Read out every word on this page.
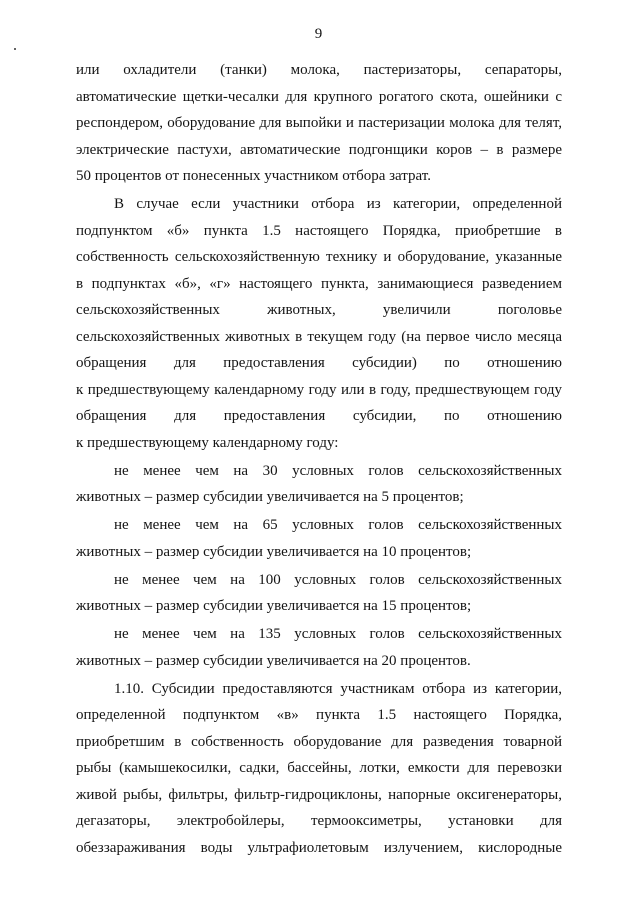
9
или охладители (танки) молока, пастеризаторы, сепараторы,
автоматические щетки-чесалки для крупного рогатого скота, ошейники с
респондером, оборудование для выпойки и пастеризации молока для телят,
электрические пастухи, автоматические подгонщики коров – в размере
50 процентов от понесенных участником отбора затрат.
В случае если участники отбора из категории, определенной
подпунктом «б» пункта 1.5 настоящего Порядка, приобретшие в
собственность сельскохозяйственную технику и оборудование, указанные
в подпунктах «б», «г» настоящего пункта, занимающиеся разведением
сельскохозяйственных животных, увеличили поголовье
сельскохозяйственных животных в текущем году (на первое число месяца
обращения для предоставления субсидии) по отношению
к предшествующему календарному году или в году, предшествующем году
обращения для предоставления субсидии, по отношению
к предшествующему календарному году:
не менее чем на 30 условных голов сельскохозяйственных
животных – размер субсидии увеличивается на 5 процентов;
не менее чем на 65 условных голов сельскохозяйственных
животных – размер субсидии увеличивается на 10 процентов;
не менее чем на 100 условных голов сельскохозяйственных
животных – размер субсидии увеличивается на 15 процентов;
не менее чем на 135 условных голов сельскохозяйственных
животных – размер субсидии увеличивается на 20 процентов.
1.10. Субсидии предоставляются участникам отбора из категории,
определенной подпунктом «в» пункта 1.5 настоящего Порядка,
приобретшим в собственность оборудование для разведения товарной
рыбы (камышекосилки, садки, бассейны, лотки, емкости для перевозки
живой рыбы, фильтры, фильтр-гидроциклоны, напорные оксигенераторы,
дегазаторы, электробойлеры, термооксиметры, установки для
обеззараживания воды ультрафиолетовым излучением, кислородные
